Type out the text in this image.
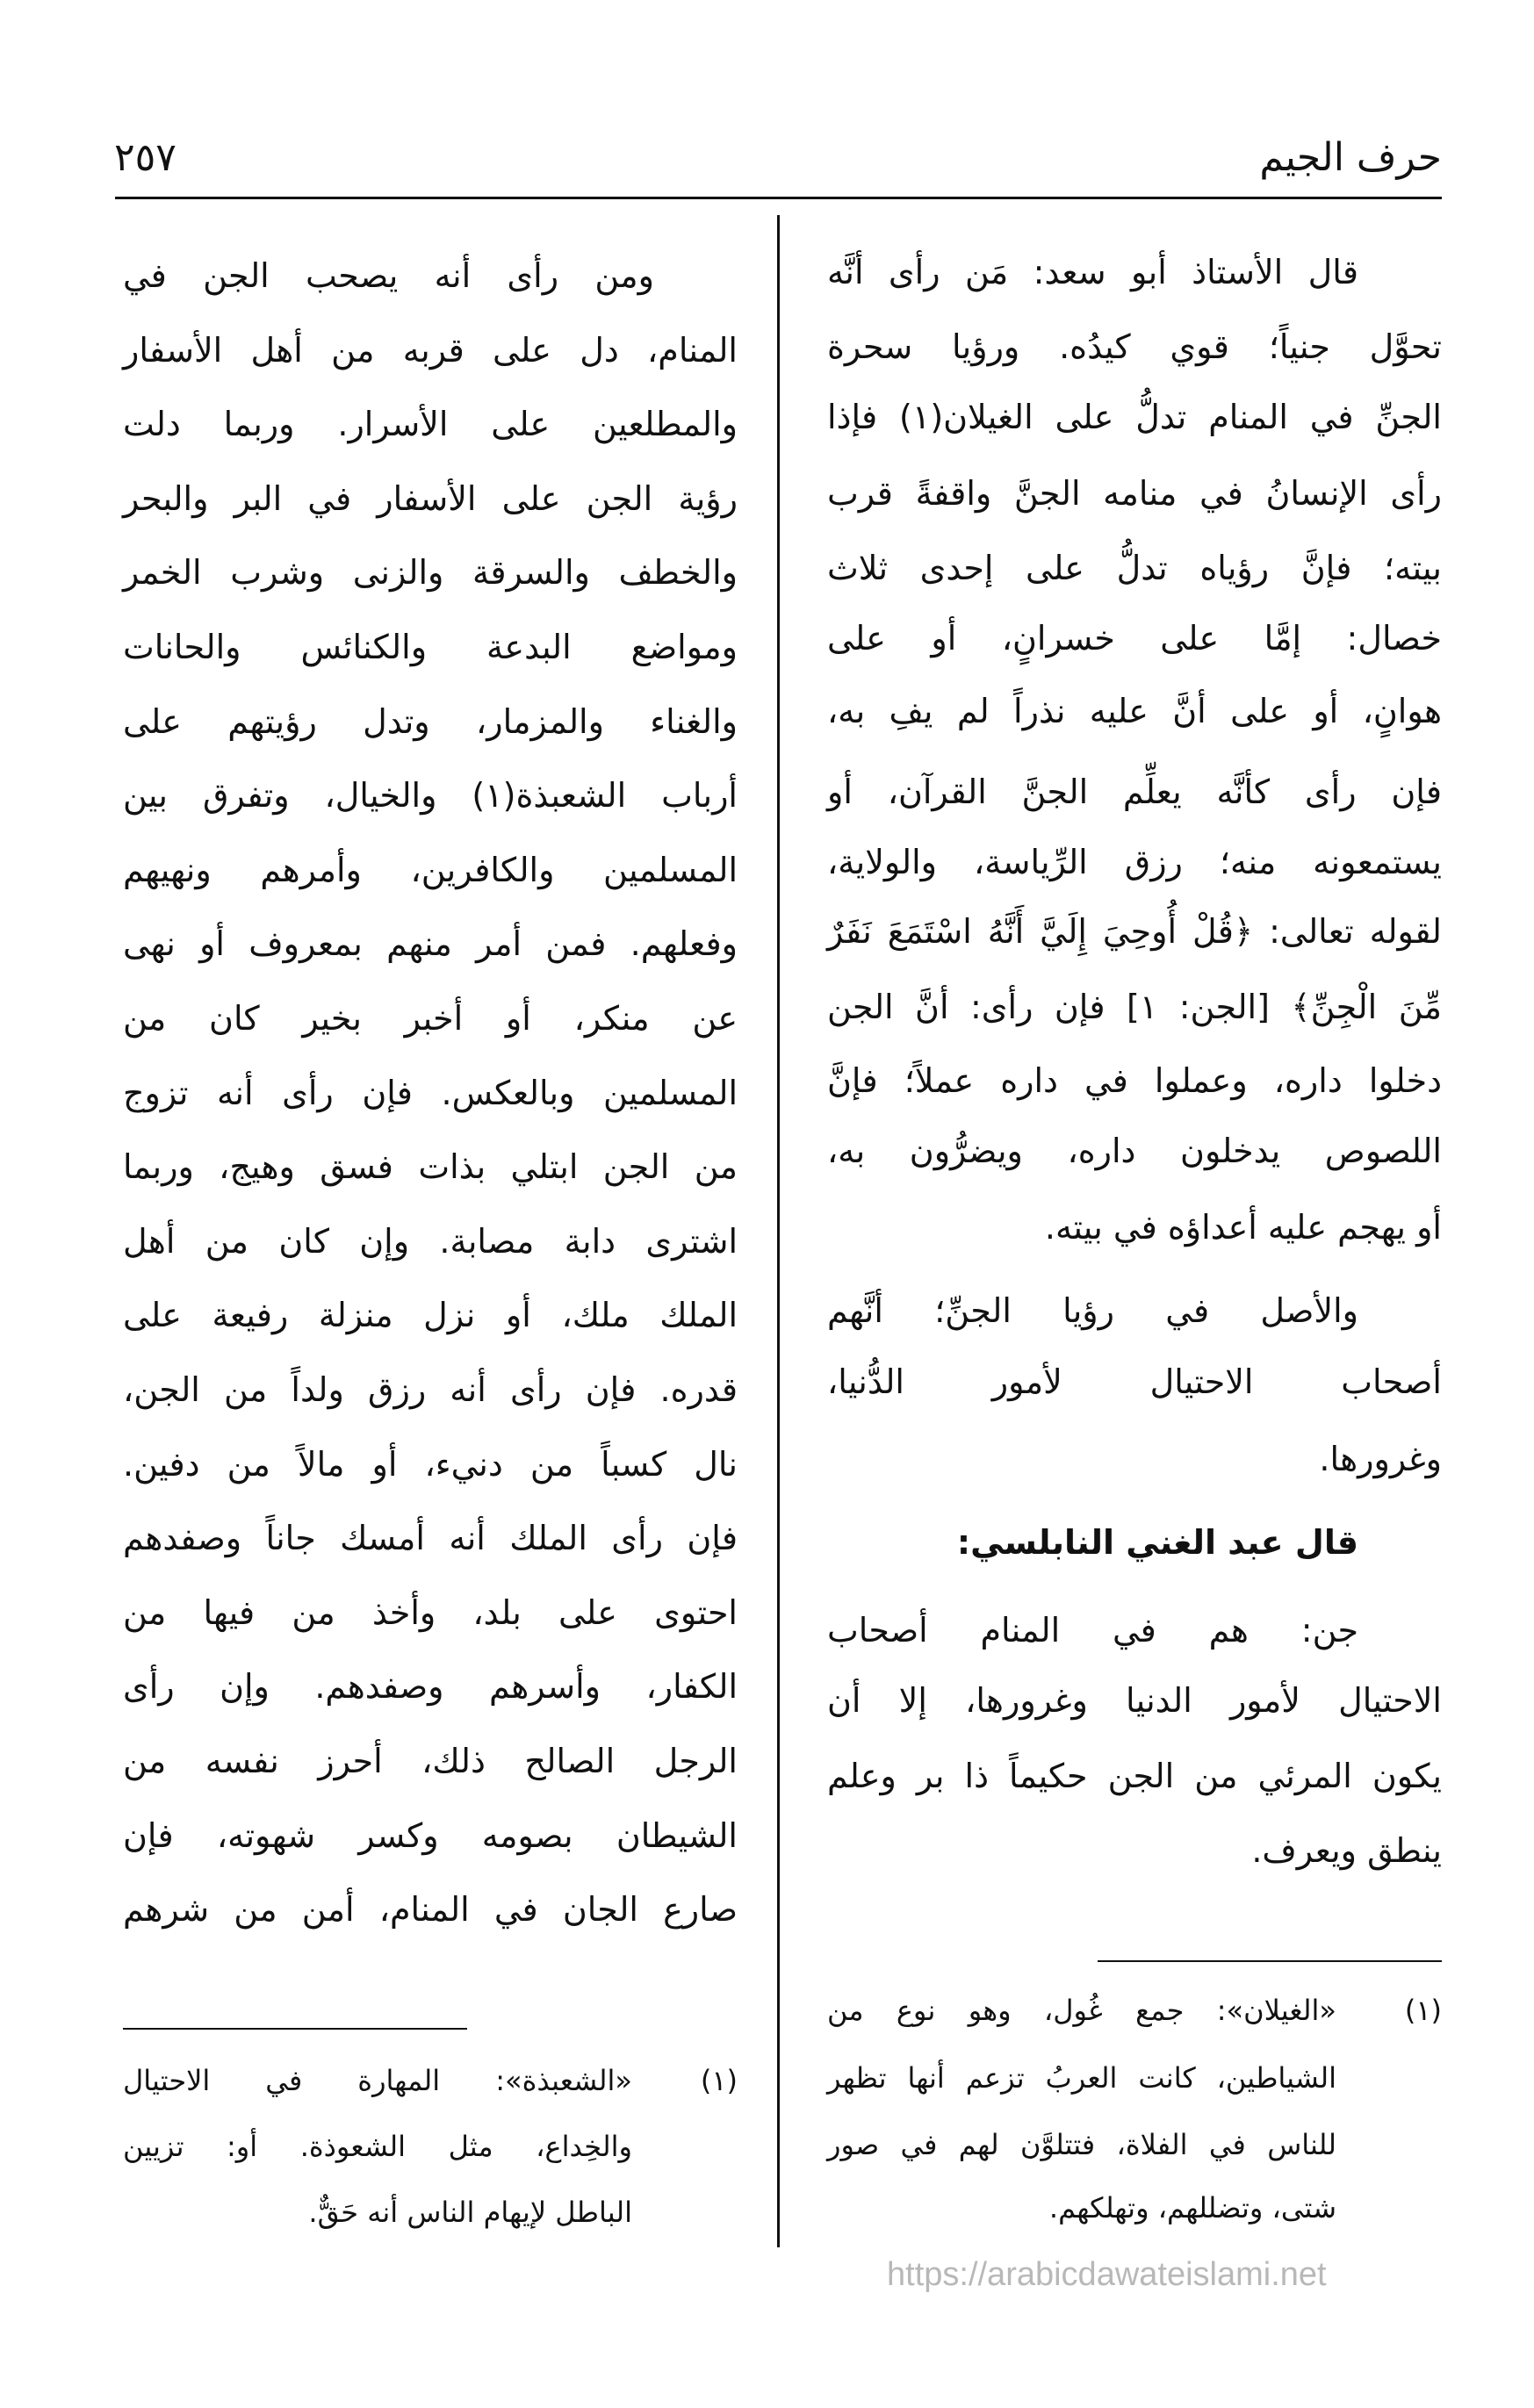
حرف الجيم
٢٥٧
قال الأستاذ أبو سعد: مَن رأى أنَّه
تحوَّل جنياً؛ قوي كيدُه. ورؤيا سحرة
الجنِّ في المنام تدلُّ على الغيلان(١) فإذا
رأى الإنسانُ في منامه الجنَّ واقفةً قرب
بيته؛ فإنَّ رؤياه تدلُّ على إحدى ثلاث
خصال: إمَّا على خسرانٍ، أو على
هوانٍ، أو على أنَّ عليه نذراً لم يفِ به،
فإن رأى كأنَّه يعلِّم الجنَّ القرآن، أو
يستمعونه منه؛ رزق الرِّياسة، والولاية،
لقوله تعالى: ﴿قُلْ أُوحِيَ إِلَيَّ أَنَّهُ اسْتَمَعَ نَفَرٌ
مِّنَ الْجِنِّ﴾ [الجن: ١] فإن رأى: أنَّ الجن
دخلوا داره، وعملوا في داره عملاً؛ فإنَّ
اللصوص يدخلون داره، ويضرُّون به،
أو يهجم عليه أعداؤه في بيته.
والأصل في رؤيا الجنِّ؛ أنَّهم
أصحاب الاحتيال لأمور الدُّنيا،
وغرورها.
قال عبد الغني النابلسي:
جن: هم في المنام أصحاب
الاحتيال لأمور الدنيا وغرورها، إلا أن
يكون المرئي من الجن حكيماً ذا بر وعلم
ينطق ويعرف.
(١)
«الغيلان»: جمع غُول، وهو نوع من
الشياطين، كانت العربُ تزعم أنها تظهر
للناس في الفلاة، فتتلوَّن لهم في صور
شتى، وتضللهم، وتهلكهم.
ومن رأى أنه يصحب الجن في
المنام، دل على قربه من أهل الأسفار
والمطلعين على الأسرار. وربما دلت
رؤية الجن على الأسفار في البر والبحر
والخطف والسرقة والزنى وشرب الخمر
ومواضع البدعة والكنائس والحانات
والغناء والمزمار، وتدل رؤيتهم على
أرباب الشعبذة(١) والخيال، وتفرق بين
المسلمين والكافرين، وأمرهم ونهيهم
وفعلهم. فمن أمر منهم بمعروف أو نهى
عن منكر، أو أخبر بخير كان من
المسلمين وبالعكس. فإن رأى أنه تزوج
من الجن ابتلي بذات فسق وهيج، وربما
اشترى دابة مصابة. وإن كان من أهل
الملك ملك، أو نزل منزلة رفيعة على
قدره. فإن رأى أنه رزق ولداً من الجن،
نال كسباً من دنيء، أو مالاً من دفين.
فإن رأى الملك أنه أمسك جاناً وصفدهم
احتوى على بلد، وأخذ من فيها من
الكفار، وأسرهم وصفدهم. وإن رأى
الرجل الصالح ذلك، أحرز نفسه من
الشيطان بصومه وكسر شهوته، فإن
صارع الجان في المنام، أمن من شرهم
(١)
«الشعبذة»: المهارة في الاحتيال
والخِداع، مثل الشعوذة. أو: تزيين
الباطل لإيهام الناس أنه حَقٌّ.
https://arabicdawateislami.net
